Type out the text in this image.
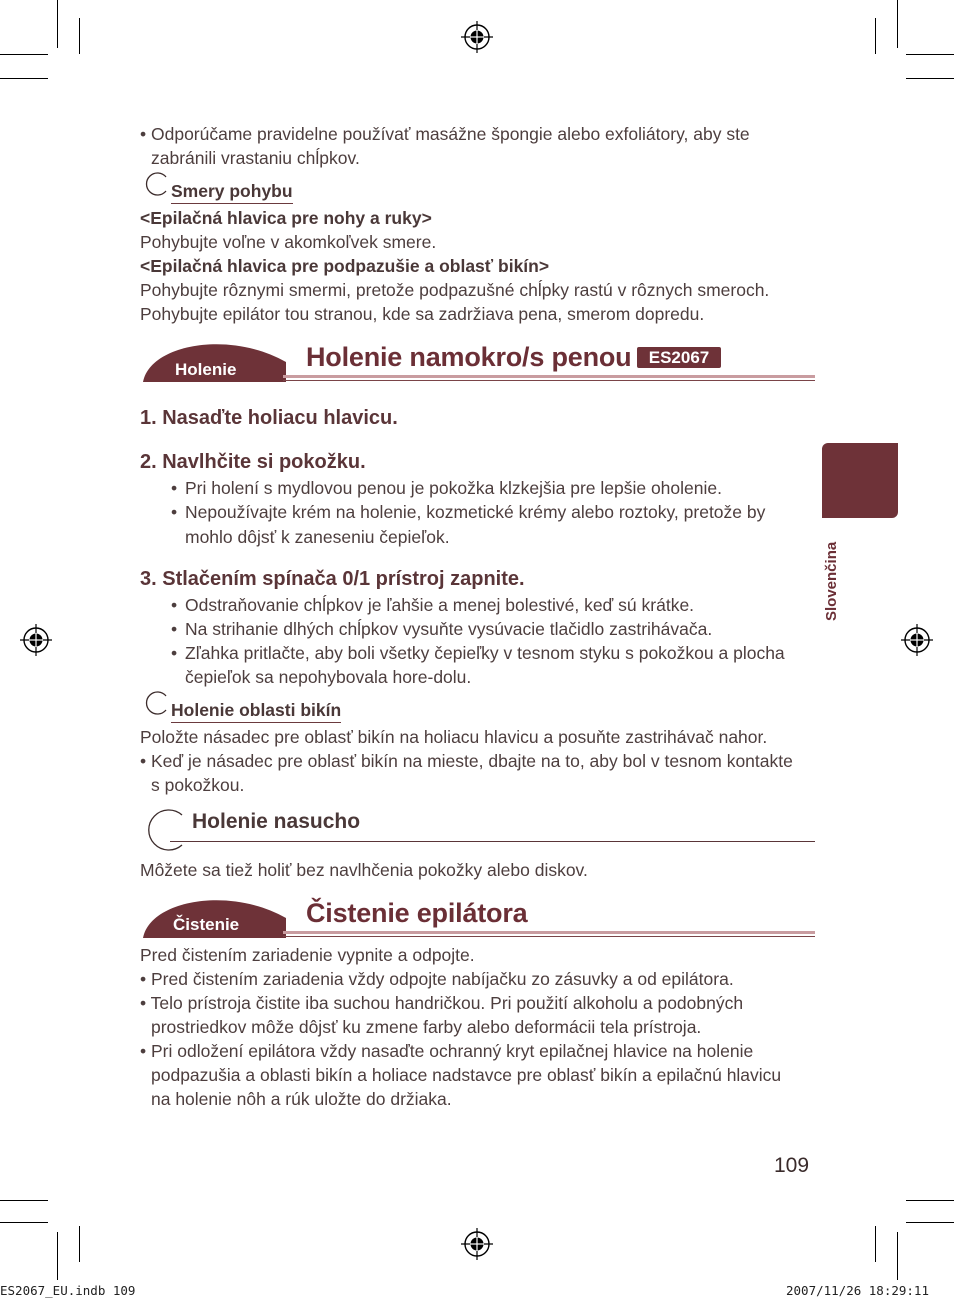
• Odporúčame pravidelne používať masážne špongie alebo exfoliátory, aby ste
zabránili vrastaniu chĺpkov.
Smery pohybu
<Epilačná hlavica pre nohy a ruky>
Pohybujte voľne v akomkoľvek smere.
<Epilačná hlavica pre podpazušie a oblasť bikín>
Pohybujte rôznymi smermi, pretože podpazušné chĺpky rastú v rôznych smeroch.
Pohybujte epilátor tou stranou, kde sa zadržiava pena, smerom dopredu.
Holenie	Holenie namokro/s penou	ES2067
1. Nasaďte holiacu hlavicu.
2. Navlhčite si pokožku.
• Pri holení s mydlovou penou je pokožka klzkejšia pre lepšie oholenie.
• Nepoužívajte krém na holenie, kozmetické krémy alebo roztoky, pretože by
mohlo dôjsť k zaneseniu čepieľok.
3. Stlačením spínača 0/1 prístroj zapnite.
• Odstraňovanie chĺpkov je ľahšie a menej bolestivé, keď sú krátke.
• Na strihanie dlhých chĺpkov vysuňte vysúvacie tlačidlo zastrihávača.
• Zľahka pritlačte, aby boli všetky čepieľky v tesnom styku s pokožkou a plocha
čepieľok sa nepohybovala hore-dolu.
Holenie oblasti bikín
Položte násadec pre oblasť bikín na holiacu hlavicu a posuňte zastrihávač nahor.
• Keď je násadec pre oblasť bikín na mieste, dbajte na to, aby bol v tesnom kontakte
s pokožkou.
Holenie nasucho
Môžete sa tiež holiť bez navlhčenia pokožky alebo diskov.
Čistenie Čistenie epilátora
Pred čistením zariadenie vypnite a odpojte.
• Pred čistením zariadenia vždy odpojte nabíjačku zo zásuvky a od epilátora.
• Telo prístroja čistite iba suchou handričkou. Pri použití alkoholu a podobných
prostriedkov môže dôjsť ku zmene farby alebo deformácii tela prístroja.
• Pri odložení epilátora vždy nasaďte ochranný kryt epilačnej hlavice na holenie
podpazušia a oblasti bikín a holiace nadstavce pre oblasť bikín a epilačnú hlavicu
na holenie nôh a rúk uložte do držiaka.
Slovenčina
109
ES2067_EU.indb 109	2007/11/26 18:29:11
